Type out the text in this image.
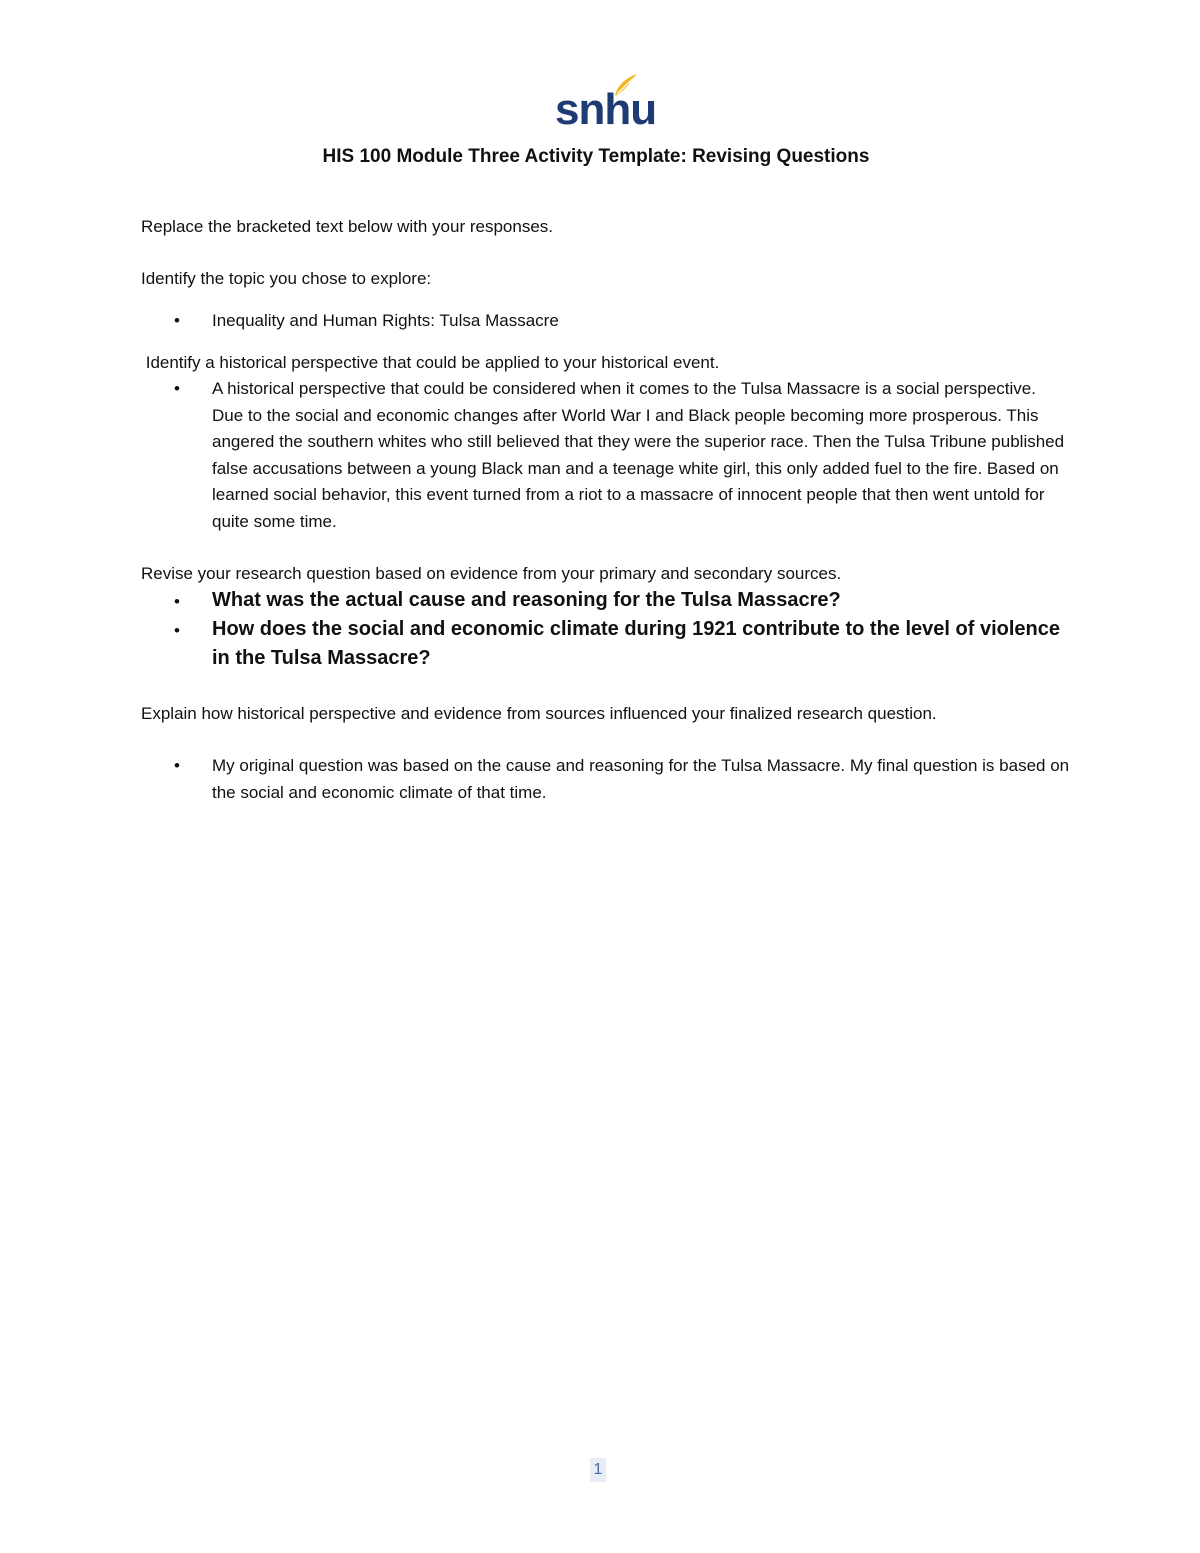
snhu
HIS 100 Module Three Activity Template: Revising Questions
Replace the bracketed text below with your responses.
Identify the topic you chose to explore:
• Inequality and Human Rights: Tulsa Massacre
Identify a historical perspective that could be applied to your historical event.
• A historical perspective that could be considered when it comes to the Tulsa Massacre is a social perspective. Due to the social and economic changes after World War I and Black people becoming more prosperous. This angered the southern whites who still believed that they were the superior race. Then the Tulsa Tribune published false accusations between a young Black man and a teenage white girl, this only added fuel to the fire. Based on learned social behavior, this event turned from a riot to a massacre of innocent people that then went untold for quite some time.
Revise your research question based on evidence from your primary and secondary sources.
• What was the actual cause and reasoning for the Tulsa Massacre?
• How does the social and economic climate during 1921 contribute to the level of violence in the Tulsa Massacre?
Explain how historical perspective and evidence from sources influenced your finalized research question.
• My original question was based on the cause and reasoning for the Tulsa Massacre. My final question is based on the social and economic climate of that time.
1
